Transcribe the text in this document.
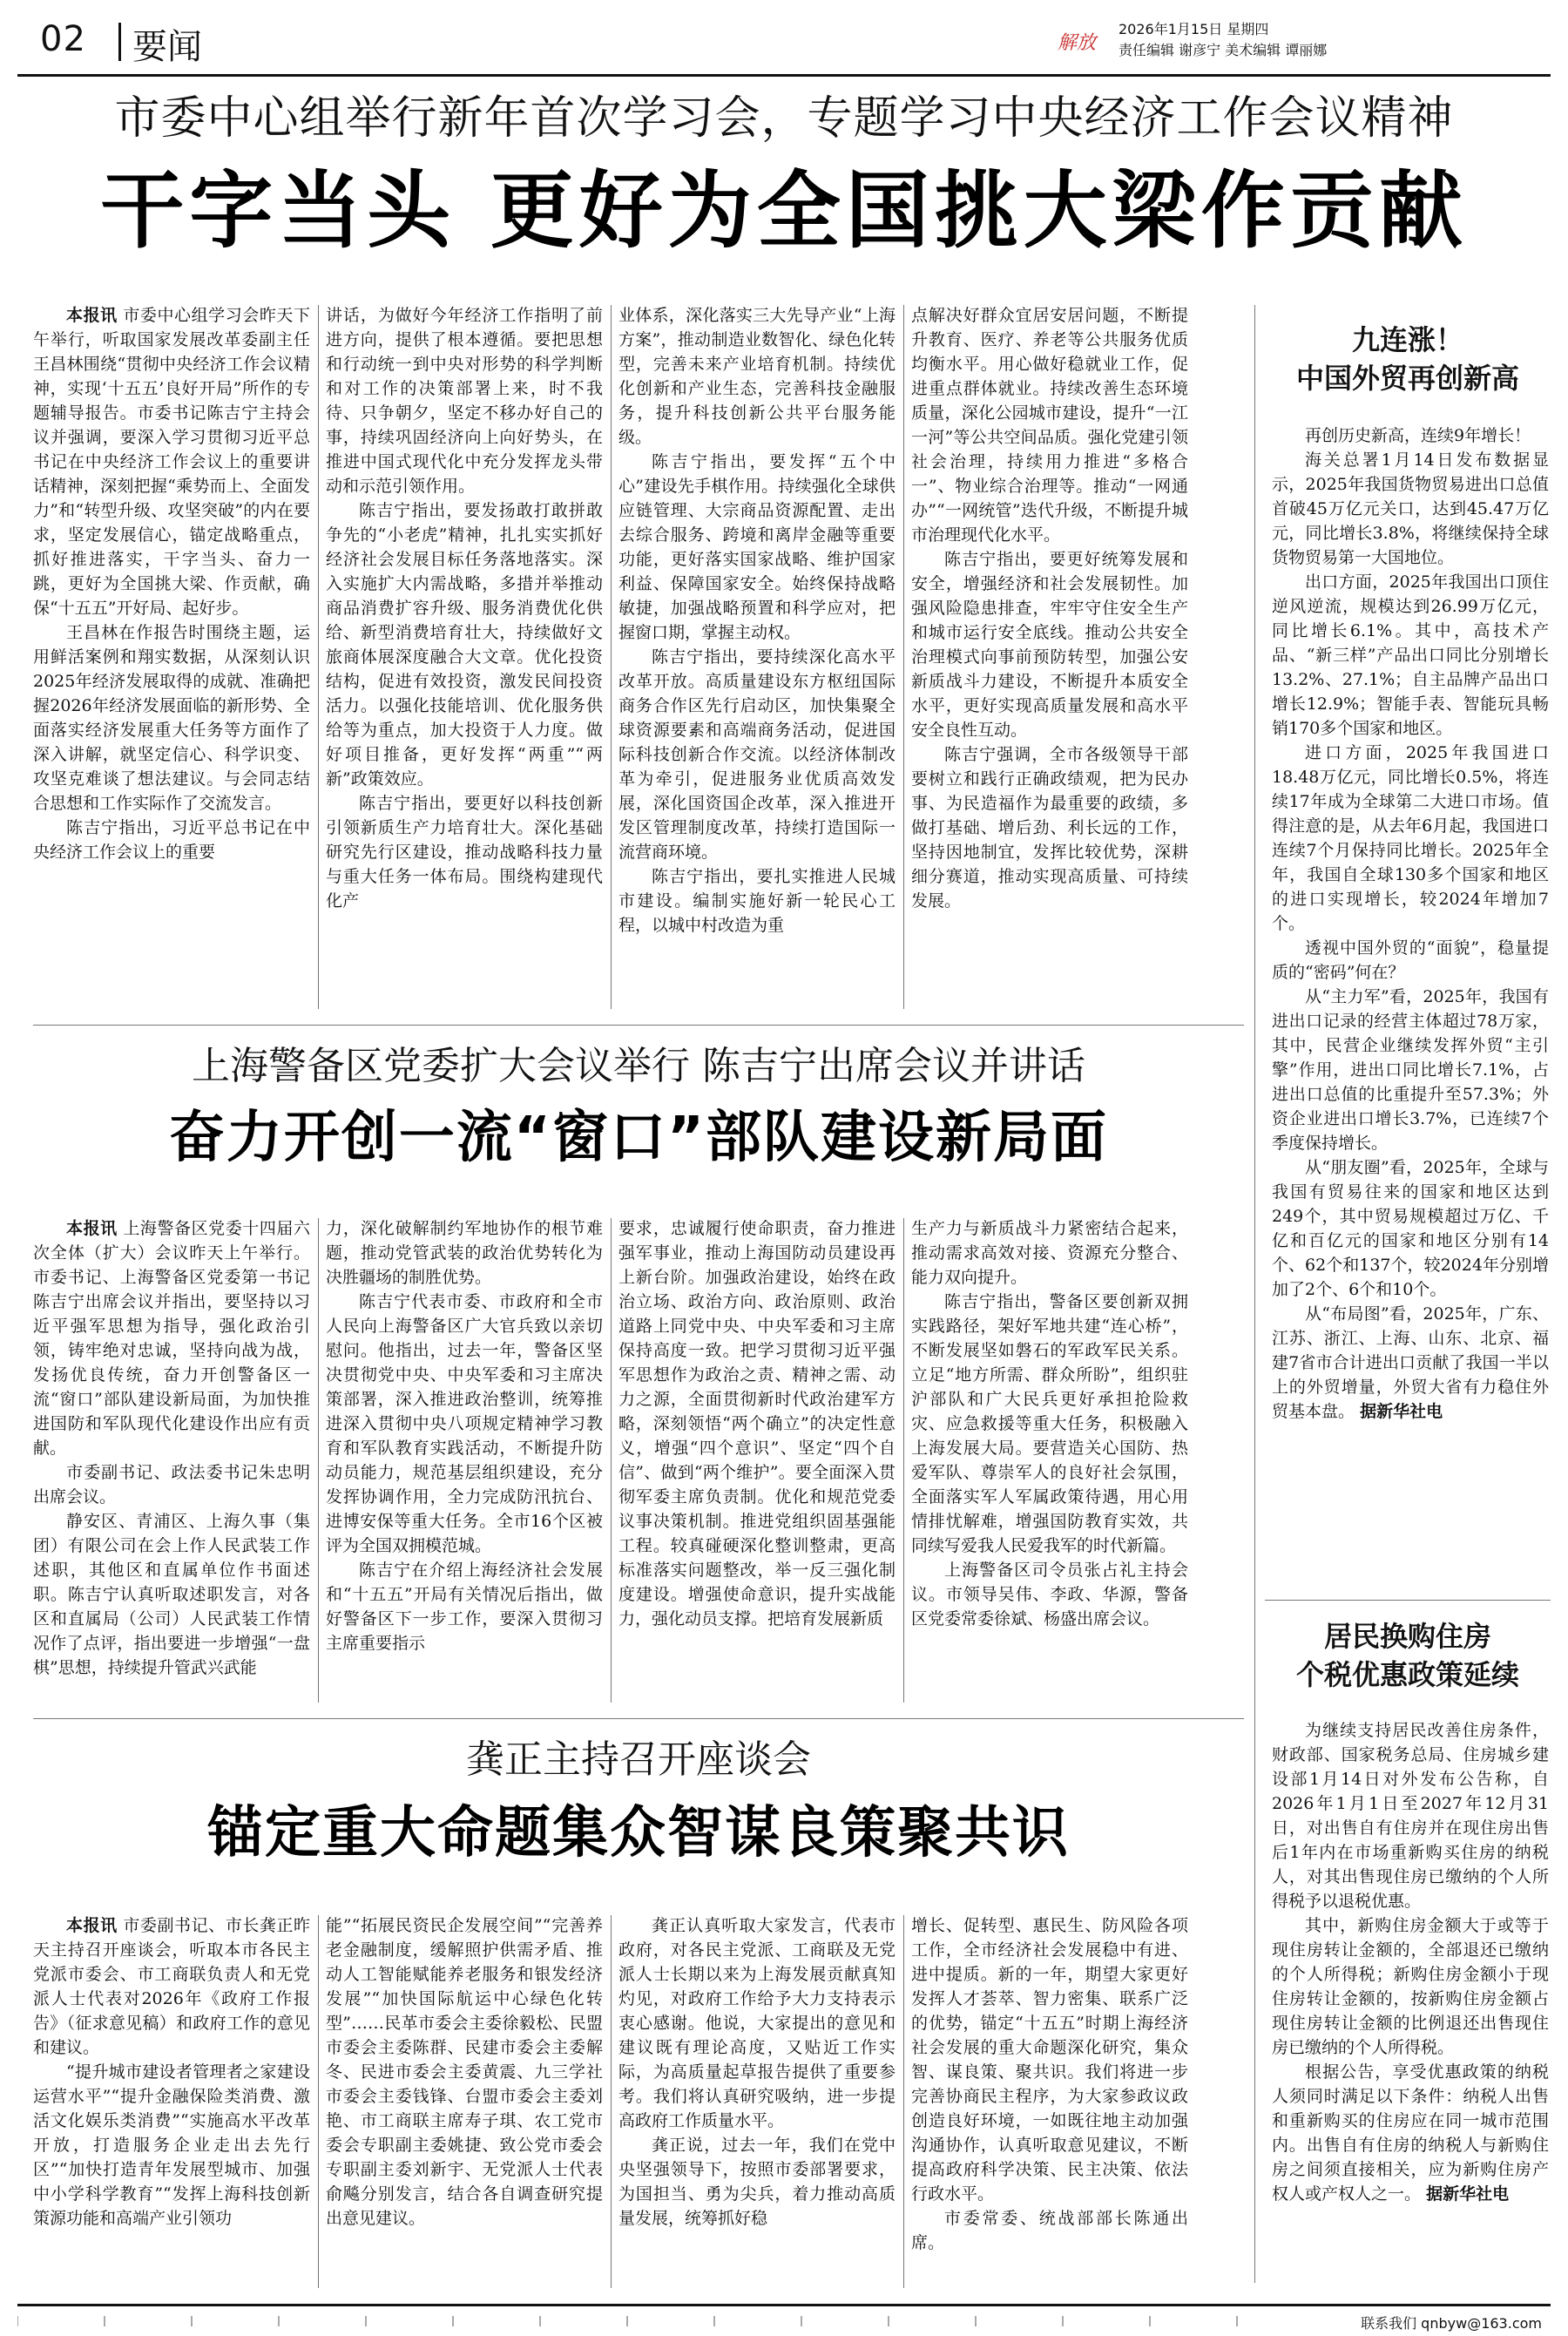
02 要闻	解放
2026年1月15日 星期四
责任编辑 谢彦宁 美术编辑 谭丽娜
市委中心组举行新年首次学习会，专题学习中央经济工作会议精神
干字当头 更好为全国挑大梁作贡献

本报讯 市委中心组学习会昨天下午举行，听取国家发展改革委副主任王昌林围绕“贯彻中央经济工作会议精神，实现‘十五五’良好开局”所作的专题辅导报告。市委书记陈吉宁主持会议并强调，要深入学习贯彻习近平总书记在中央经济工作会议上的重要讲话精神，深刻把握“乘势而上、全面发力”和“转型升级、攻坚突破”的内在要求，坚定发展信心，锚定战略重点，抓好推进落实，干字当头、奋力一跳，更好为全国挑大梁、作贡献，确保“十五五”开好局、起好步。

王昌林在作报告时围绕主题，运用鲜活案例和翔实数据，从深刻认识2025年经济发展取得的成就、准确把握2026年经济发展面临的新形势、全面落实经济发展重大任务等方面作了深入讲解，就坚定信心、科学识变、攻坚克难谈了想法建议。与会同志结合思想和工作实际作了交流发言。

陈吉宁指出，习近平总书记在中央经济工作会议上的重要

讲话，为做好今年经济工作指明了前进方向，提供了根本遵循。要把思想和行动统一到中央对形势的科学判断和对工作的决策部署上来，时不我待、只争朝夕，坚定不移办好自己的事，持续巩固经济向上向好势头，在推进中国式现代化中充分发挥龙头带动和示范引领作用。

陈吉宁指出，要发扬敢打敢拼敢争先的“小老虎”精神，扎扎实实抓好经济社会发展目标任务落地落实。深入实施扩大内需战略，多措并举推动商品消费扩容升级、服务消费优化供给、新型消费培育壮大，持续做好文旅商体展深度融合大文章。优化投资结构，促进有效投资，激发民间投资活力。以强化技能培训、优化服务供给等为重点，加大投资于人力度。做好项目推备，更好发挥“两重”“两新”政策效应。

陈吉宁指出，要更好以科技创新引领新质生产力培育壮大。深化基础研究先行区建设，推动战略科技力量与重大任务一体布局。围绕构建现代化产

业体系，深化落实三大先导产业“上海方案”，推动制造业数智化、绿色化转型，完善未来产业培育机制。持续优化创新和产业生态，完善科技金融服务，提升科技创新公共平台服务能级。

陈吉宁指出，要发挥“五个中心”建设先手棋作用。持续强化全球供应链管理、大宗商品资源配置、走出去综合服务、跨境和离岸金融等重要功能，更好落实国家战略、维护国家利益、保障国家安全。始终保持战略敏捷，加强战略预置和科学应对，把握窗口期，掌握主动权。

陈吉宁指出，要持续深化高水平改革开放。高质量建设东方枢纽国际商务合作区先行启动区，加快集聚全球资源要素和高端商务活动，促进国际科技创新合作交流。以经济体制改革为牵引，促进服务业优质高效发展，深化国资国企改革，深入推进开发区管理制度改革，持续打造国际一流营商环境。

陈吉宁指出，要扎实推进人民城市建设。编制实施好新一轮民心工程，以城中村改造为重

点解决好群众宜居安居问题，不断提升教育、医疗、养老等公共服务优质均衡水平。用心做好稳就业工作，促进重点群体就业。持续改善生态环境质量，深化公园城市建设，提升“一江一河”等公共空间品质。强化党建引领社会治理，持续用力推进“多格合一”、物业综合治理等。推动“一网通办”“一网统管”迭代升级，不断提升城市治理现代化水平。

陈吉宁指出，要更好统筹发展和安全，增强经济和社会发展韧性。加强风险隐患排查，牢牢守住安全生产和城市运行安全底线。推动公共安全治理模式向事前预防转型，加强公安新质战斗力建设，不断提升本质安全水平，更好实现高质量发展和高水平安全良性互动。

陈吉宁强调，全市各级领导干部要树立和践行正确政绩观，把为民办事、为民造福作为最重要的政绩，多做打基础、增后劲、利长远的工作，坚持因地制宜，发挥比较优势，深耕细分赛道，推动实现高质量、可持续发展。

上海警备区党委扩大会议举行 陈吉宁出席会议并讲话
奋力开创一流“窗口”部队建设新局面

本报讯 上海警备区党委十四届六次全体（扩大）会议昨天上午举行。市委书记、上海警备区党委第一书记陈吉宁出席会议并指出，要坚持以习近平强军思想为指导，强化政治引领，铸牢绝对忠诚，坚持向战为战，发扬优良传统，奋力开创警备区一流“窗口”部队建设新局面，为加快推进国防和军队现代化建设作出应有贡献。

市委副书记、政法委书记朱忠明出席会议。

静安区、青浦区、上海久事（集团）有限公司在会上作人民武装工作述职，其他区和直属单位作书面述职。陈吉宁认真听取述职发言，对各区和直属局（公司）人民武装工作情况作了点评，指出要进一步增强“一盘棋”思想，持续提升管武兴武能

力，深化破解制约军地协作的根节难题，推动党管武装的政治优势转化为决胜疆场的制胜优势。

陈吉宁代表市委、市政府和全市人民向上海警备区广大官兵致以亲切慰问。他指出，过去一年，警备区坚决贯彻党中央、中央军委和习主席决策部署，深入推进政治整训，统筹推进深入贯彻中央八项规定精神学习教育和军队教育实践活动，不断提升防动员能力，规范基层组织建设，充分发挥协调作用，全力完成防汛抗台、进博安保等重大任务。全市16个区被评为全国双拥模范城。

陈吉宁在介绍上海经济社会发展和“十五五”开局有关情况后指出，做好警备区下一步工作，要深入贯彻习主席重要指示

要求，忠诚履行使命职责，奋力推进强军事业，推动上海国防动员建设再上新台阶。加强政治建设，始终在政治立场、政治方向、政治原则、政治道路上同党中央、中央军委和习主席保持高度一致。把学习贯彻习近平强军思想作为政治之责、精神之需、动力之源，全面贯彻新时代政治建军方略，深刻领悟“两个确立”的决定性意义，增强“四个意识”、坚定“四个自信”、做到“两个维护”。要全面深入贯彻军委主席负责制。优化和规范党委议事决策机制。推进党组织固基强能工程。较真碰硬深化整训整肃，更高标准落实问题整改，举一反三强化制度建设。增强使命意识，提升实战能力，强化动员支撑。把培育发展新质

生产力与新质战斗力紧密结合起来，推动需求高效对接、资源充分整合、能力双向提升。

陈吉宁指出，警备区要创新双拥实践路径，架好军地共建“连心桥”，不断发展坚如磐石的军政军民关系。立足“地方所需、群众所盼”，组织驻沪部队和广大民兵更好承担抢险救灾、应急救援等重大任务，积极融入上海发展大局。要营造关心国防、热爱军队、尊崇军人的良好社会氛围，全面落实军人军属政策待遇，用心用情排忧解难，增强国防教育实效，共同续写爱我人民爱我军的时代新篇。

上海警备区司令员张占礼主持会议。市领导吴伟、李政、华源，警备区党委常委徐斌、杨盛出席会议。

龚正主持召开座谈会
锚定重大命题集众智谋良策聚共识

本报讯 市委副书记、市长龚正昨天主持召开座谈会，听取本市各民主党派市委会、市工商联负责人和无党派人士代表对2026年《政府工作报告》（征求意见稿）和政府工作的意见和建议。

“提升城市建设者管理者之家建设运营水平”“提升金融保险类消费、激活文化娱乐类消费”“实施高水平改革开放，打造服务企业走出去先行区”“加快打造青年发展型城市、加强中小学科学教育”“发挥上海科技创新策源功能和高端产业引领功

能”“拓展民资民企发展空间”“完善养老金融制度，缓解照护供需矛盾、推动人工智能赋能养老服务和银发经济发展”“加快国际航运中心绿色化转型”……民革市委会主委徐毅松、民盟市委会主委陈群、民建市委会主委解冬、民进市委会主委黄震、九三学社市委会主委钱锋、台盟市委会主委刘艳、市工商联主席寿子琪、农工党市委会专职副主委姚捷、致公党市委会专职副主委刘新宇、无党派人士代表俞飚分别发言，结合各自调查研究提出意见建议。

龚正认真听取大家发言，代表市政府，对各民主党派、工商联及无党派人士长期以来为上海发展贡献真知灼见，对政府工作给予大力支持表示衷心感谢。他说，大家提出的意见和建议既有理论高度，又贴近工作实际，为高质量起草报告提供了重要参考。我们将认真研究吸纳，进一步提高政府工作质量水平。

龚正说，过去一年，我们在党中央坚强领导下，按照市委部署要求，为国担当、勇为尖兵，着力推动高质量发展，统筹抓好稳

增长、促转型、惠民生、防风险各项工作，全市经济社会发展稳中有进、进中提质。新的一年，期望大家更好发挥人才荟萃、智力密集、联系广泛的优势，锚定“十五五”时期上海经济社会发展的重大命题深化研究，集众智、谋良策、聚共识。我们将进一步完善协商民主程序，为大家参政议政创造良好环境，一如既往地主动加强沟通协作，认真听取意见建议，不断提高政府科学决策、民主决策、依法行政水平。

市委常委、统战部部长陈通出席。

九连涨！
中国外贸再创新高

再创历史新高，连续9年增长！

海关总署1月14日发布数据显示，2025年我国货物贸易进出口总值首破45万亿元关口，达到45.47万亿元，同比增长3.8%，将继续保持全球货物贸易第一大国地位。

出口方面，2025年我国出口顶住逆风逆流，规模达到26.99万亿元，同比增长6.1%。其中，高技术产品、“新三样”产品出口同比分别增长13.2%、27.1%；自主品牌产品出口增长12.9%；智能手表、智能玩具畅销170多个国家和地区。

进口方面，2025年我国进口18.48万亿元，同比增长0.5%，将连续17年成为全球第二大进口市场。值得注意的是，从去年6月起，我国进口连续7个月保持同比增长。2025年全年，我国自全球130多个国家和地区的进口实现增长，较2024年增加7个。

透视中国外贸的“面貌”，稳量提质的“密码”何在？

从“主力军”看，2025年，我国有进出口记录的经营主体超过78万家，其中，民营企业继续发挥外贸“主引擎”作用，进出口同比增长7.1%，占进出口总值的比重提升至57.3%；外资企业进出口增长3.7%，已连续7个季度保持增长。

从“朋友圈”看，2025年，全球与我国有贸易往来的国家和地区达到249个，其中贸易规模超过万亿、千亿和百亿元的国家和地区分别有14个、62个和137个，较2024年分别增加了2个、6个和10个。

从“布局图”看，2025年，广东、江苏、浙江、上海、山东、北京、福建7省市合计进出口贡献了我国一半以上的外贸增量，外贸大省有力稳住外贸基本盘。 据新华社电

居民换购住房
个税优惠政策延续

为继续支持居民改善住房条件，财政部、国家税务总局、住房城乡建设部1月14日对外发布公告称，自2026年1月1日至2027年12月31日，对出售自有住房并在现住房出售后1年内在市场重新购买住房的纳税人，对其出售现住房已缴纳的个人所得税予以退税优惠。

其中，新购住房金额大于或等于现住房转让金额的，全部退还已缴纳的个人所得税；新购住房金额小于现住房转让金额的，按新购住房金额占现住房转让金额的比例退还出售现住房已缴纳的个人所得税。

根据公告，享受优惠政策的纳税人须同时满足以下条件：纳税人出售和重新购买的住房应在同一城市范围内。出售自有住房的纳税人与新购住房之间须直接相关，应为新购住房产权人或产权人之一。 据新华社电

联系我们 qnbyw@163.com
